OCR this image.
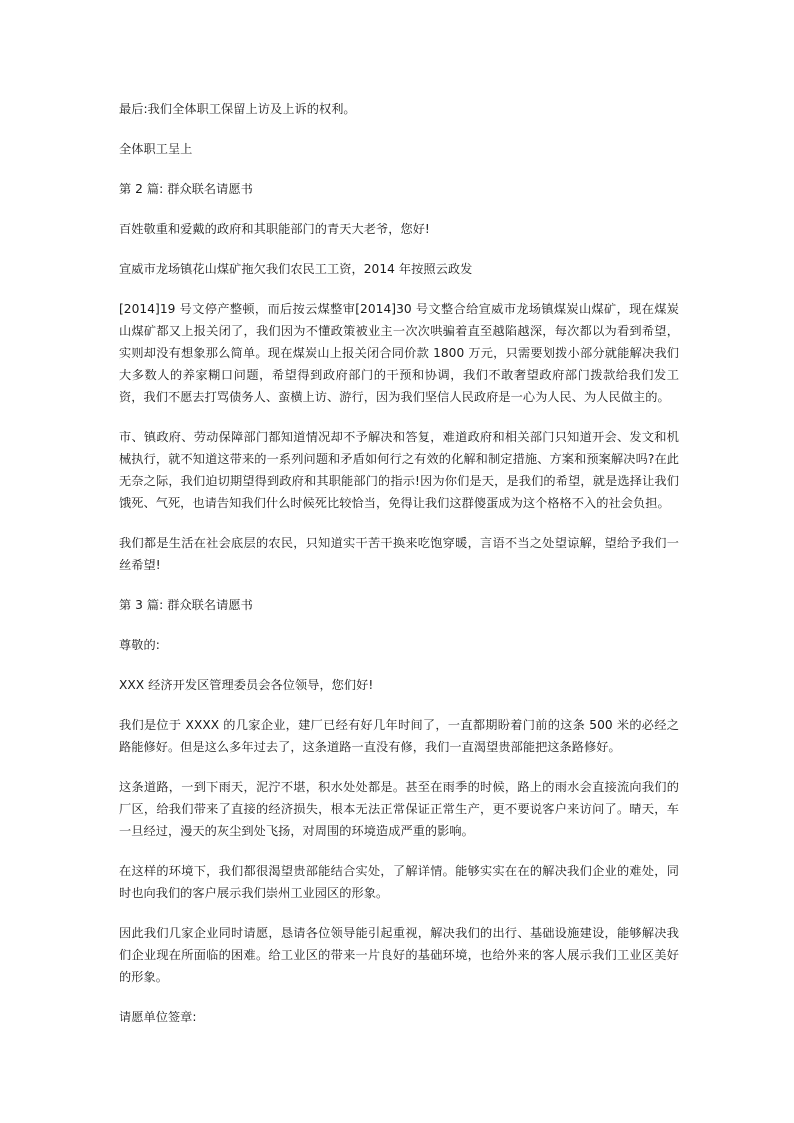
最后:我们全体职工保留上访及上诉的权利。

全体职工呈上

第 2 篇: 群众联名请愿书

百姓敬重和爱戴的政府和其职能部门的青天大老爷，您好!

宣威市龙场镇花山煤矿拖欠我们农民工工资，2014 年按照云政发

[2014]19 号文停产整顿，而后按云煤整审[2014]30 号文整合给宣威市龙场镇煤炭山煤矿，现在煤炭山煤矿都又上报关闭了，我们因为不懂政策被业主一次次哄骗着直至越陷越深，每次都以为看到希望，实则却没有想象那么简单。现在煤炭山上报关闭合同价款 1800 万元，只需要划拨小部分就能解决我们大多数人的养家糊口问题，希望得到政府部门的干预和协调，我们不敢奢望政府部门拨款给我们发工资，我们不愿去打骂债务人、蛮横上访、游行，因为我们坚信人民政府是一心为人民、为人民做主的。

市、镇政府、劳动保障部门都知道情况却不予解决和答复，难道政府和相关部门只知道开会、发文和机械执行，就不知道这带来的一系列问题和矛盾如何行之有效的化解和制定措施、方案和预案解决吗?在此无奈之际，我们迫切期望得到政府和其职能部门的指示!因为你们是天，是我们的希望，就是选择让我们饿死、气死，也请告知我们什么时候死比较恰当，免得让我们这群傻蛋成为这个格格不入的社会负担。

我们都是生活在社会底层的农民，只知道实干苦干换来吃饱穿暖，言语不当之处望谅解，望给予我们一丝希望!

第 3 篇: 群众联名请愿书

尊敬的:

XXX 经济开发区管理委员会各位领导，您们好!

我们是位于 XXXX 的几家企业，建厂已经有好几年时间了，一直都期盼着门前的这条 500 米的必经之路能修好。但是这么多年过去了，这条道路一直没有修，我们一直渴望贵部能把这条路修好。

这条道路，一到下雨天，泥泞不堪，积水处处都是。甚至在雨季的时候，路上的雨水会直接流向我们的厂区，给我们带来了直接的经济损失，根本无法正常保证正常生产，更不要说客户来访问了。晴天，车一旦经过，漫天的灰尘到处飞扬，对周围的环境造成严重的影响。

在这样的环境下，我们都很渴望贵部能结合实处，了解详情。能够实实在在的解决我们企业的难处，同时也向我们的客户展示我们崇州工业园区的形象。

因此我们几家企业同时请愿，恳请各位领导能引起重视，解决我们的出行、基础设施建设，能够解决我们企业现在所面临的困难。给工业区的带来一片良好的基础环境，也给外来的客人展示我们工业区美好的形象。

请愿单位签章:
